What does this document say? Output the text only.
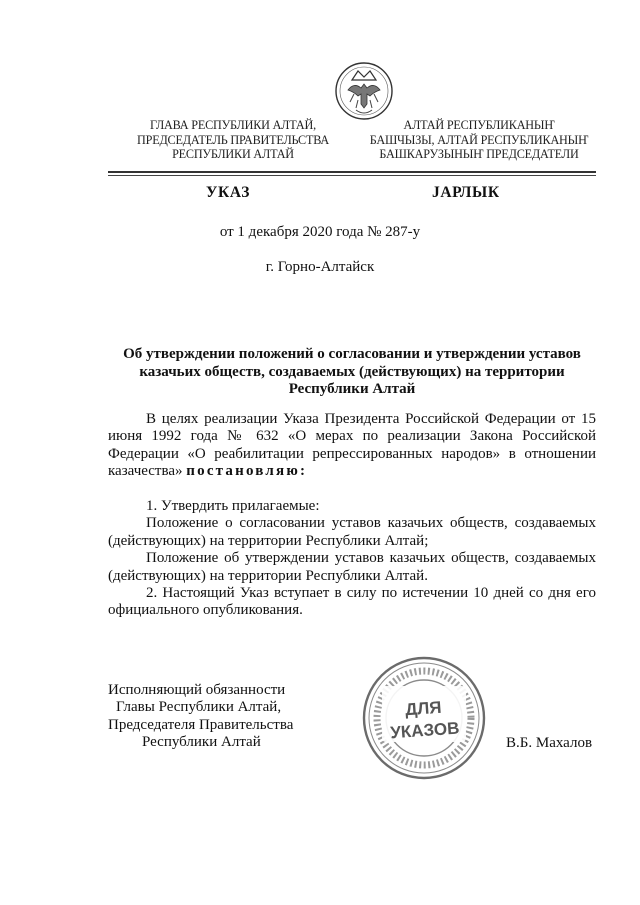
ГЛАВА РЕСПУБЛИКИ АЛТАЙ,
ПРЕДСЕДАТЕЛЬ ПРАВИТЕЛЬСТВА
РЕСПУБЛИКИ АЛТАЙ
АЛТАЙ РЕСПУБЛИКАНЫҤ
БАШЧЫЗЫ, АЛТАЙ РЕСПУБЛИКАНЫҤ
БАШКАРУЗЫНЫҤ ПРЕДСЕДАТЕЛИ
УКАЗ	JАРЛЫК
от 1 декабря 2020 года № 287-у
г. Горно-Алтайск
Об утверждении положений о согласовании и утверждении уставов
казачьих обществ, создаваемых (действующих) на территории
Республики Алтай

В целях реализации Указа Президента Российской Федерации от 15 июня 1992 года № 632 «О мерах по реализации Закона Российской Федерации «О реабилитации репрессированных народов» в отношении казачества» постановляю:

1. Утвердить прилагаемые:

Положение о согласовании уставов казачьих обществ, создаваемых (действующих) на территории Республики Алтай;

Положение об утверждении уставов казачьих обществ, создаваемых (действующих) на территории Республики Алтай.

2. Настоящий Указ вступает в силу по истечении 10 дней со дня его официального опубликования.

Исполняющий обязанности
Главы Республики Алтай,
Председателя Правительства
Республики Алтай
ДЛЯ
УКАЗОВ
В.Б. Махалов
